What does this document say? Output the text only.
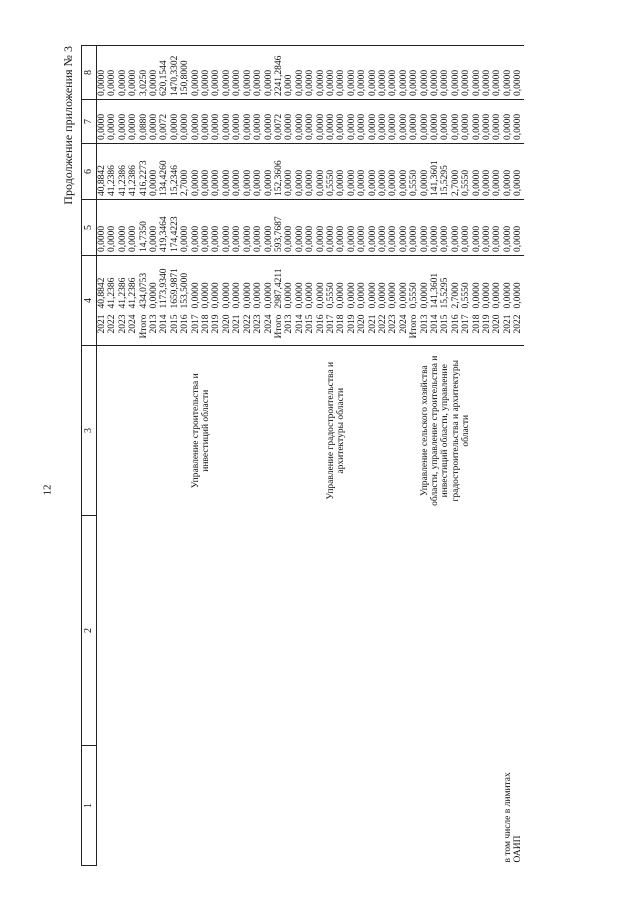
12
Продолжение приложения № 3
1	2	3	4		5	6	7	8
		Управление строительства и инвестиций области	2021	40,8842	0,0000	40,8842	0,0000	0,0000
			2022	41,2386	0,0000	41,2386	0,0000	0,0000
			2023	41,2386	0,0000	41,2386	0,0000	0,0000
			2024	41,2386	0,0000	41,2386	0,0000	0,0000
			Итого	434,0753	14,7350	416,2273	0,0880	3,0250
			2013	0,0000	0,0000	0,0000	0,0000	0,0000
			2014	1173,9340	419,3464	134,4260	0,0072	620,1544
			2015	1659,9871	174,4223	15,2346	0,0000	1470,3302
			2016	153,5000	0,0000	2,7000	0,0000	150,8000
			2017	0,0000	0,0000	0,0000	0,0000	0,0000
			2018	0,0000	0,0000	0,0000	0,0000	0,0000
			2019	0,0000	0,0000	0,0000	0,0000	0,0000
			2020	0,0000	0,0000	0,0000	0,0000	0,0000
			2021	0,0000	0,0000	0,0000	0,0000	0,0000
			2022	0,0000	0,0000	0,0000	0,0000	0,0000
			2023	0,0000	0,0000	0,0000	0,0000	0,0000
			2024	0,0000	0,0000	0,0000	0,0000	0,0000
		Управление градостроительства и архитектуры области	Итого	2987,4211	593,7687	152,3606	0,0072	2241,2846
			2013	0,0000	0,0000	0,0000	0,0000	0,000
			2014	0,0000	0,0000	0,0000	0,0000	0,0000
			2015	0,0000	0,0000	0,0000	0,0000	0,0000
			2016	0,0000	0,0000	0,0000	0,0000	0,0000
			2017	0,5550	0,0000	0,5550	0,0000	0,0000
			2018	0,0000	0,0000	0,0000	0,0000	0,0000
			2019	0,0000	0,0000	0,0000	0,0000	0,0000
			2020	0,0000	0,0000	0,0000	0,0000	0,0000
			2021	0,0000	0,0000	0,0000	0,0000	0,0000
			2022	0,0000	0,0000	0,0000	0,0000	0,0000
			2023	0,0000	0,0000	0,0000	0,0000	0,0000
			2024	0,0000	0,0000	0,0000	0,0000	0,0000
в том числе в лимитах ОАИП		Управление сельского хозяйства области, управление строительства и инвестиций области, управление градостроительства и архитектуры области	Итого	0,5550	0,0000	0,5550	0,0000	0,0000
			2013	0,0000	0,0000	0,0000	0,0000	0,0000
			2014	141,3601	0,0000	141,3601	0,0000	0,0000
			2015	15,5295	0,0000	15,5295	0,0000	0,0000
			2016	2,7000	0,0000	2,7000	0,0000	0,0000
			2017	0,5550	0,0000	0,5550	0,0000	0,0000
			2018	0,0000	0,0000	0,0000	0,0000	0,0000
			2019	0,0000	0,0000	0,0000	0,0000	0,0000
			2020	0,0000	0,0000	0,0000	0,0000	0,0000
			2021	0,0000	0,0000	0,0000	0,0000	0,0000
			2022	0,0000	0,0000	0,0000	0,0000	0,0000
